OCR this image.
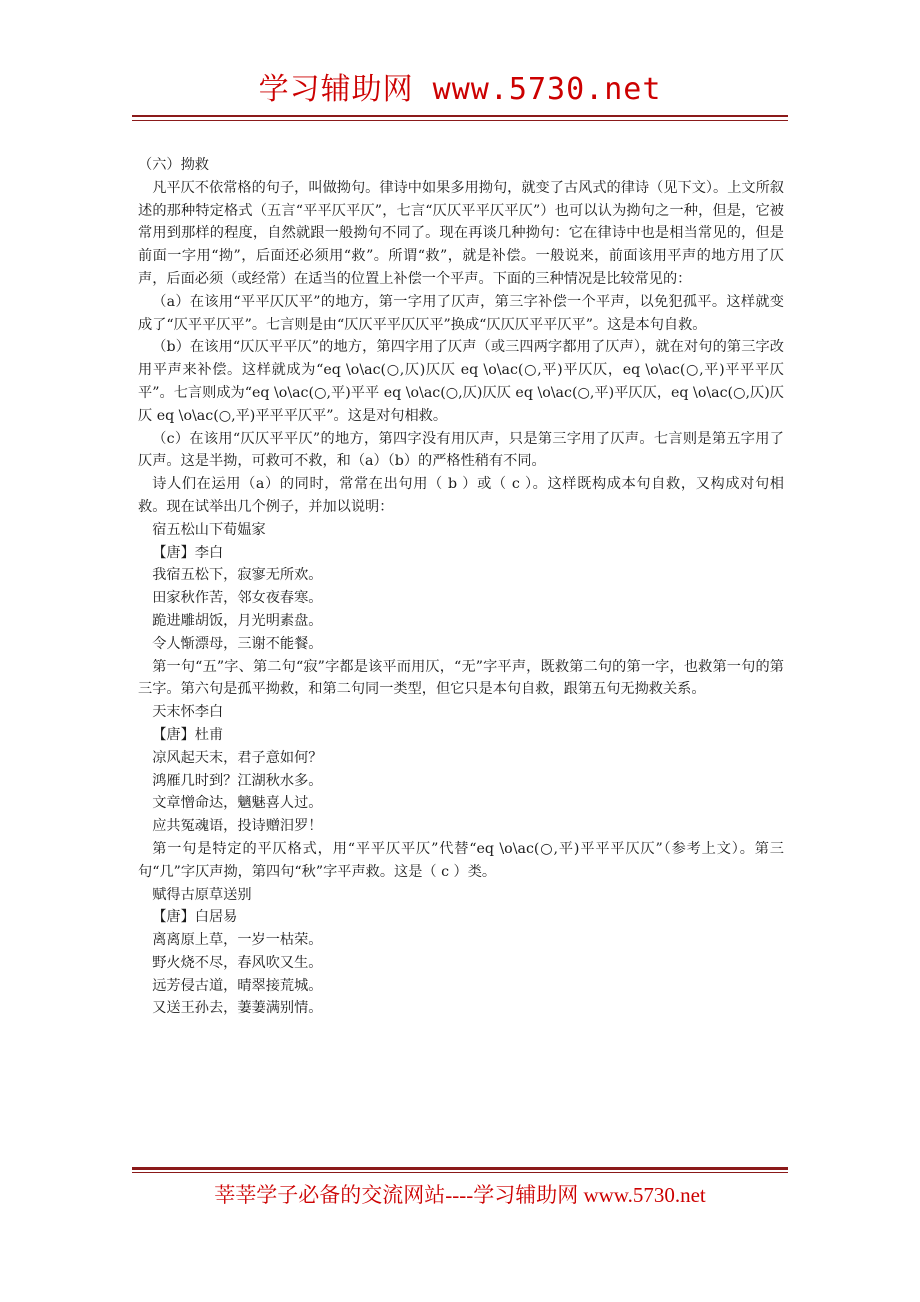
学习辅助网 www.5730.net

（六）拗救

凡平仄不依常格的句子，叫做拗句。律诗中如果多用拗句，就变了古风式的律诗（见下文）。上文所叙述的那种特定格式（五言“平平仄平仄”，七言“仄仄平平仄平仄”）也可以认为拗句之一种，但是，它被常用到那样的程度，自然就跟一般拗句不同了。现在再谈几种拗句：它在律诗中也是相当常见的，但是前面一字用“拗”，后面还必须用“救”。所谓“救”，就是补偿。一般说来，前面该用平声的地方用了仄声，后面必须（或经常）在适当的位置上补偿一个平声。下面的三种情况是比较常见的：

（a）在该用“平平仄仄平”的地方，第一字用了仄声，第三字补偿一个平声，以免犯孤平。这样就变成了“仄平平仄平”。七言则是由“仄仄平平仄仄平”换成“仄仄仄平平仄平”。这是本句自救。

（b）在该用“仄仄平平仄”的地方，第四字用了仄声（或三四两字都用了仄声），就在对句的第三字改用平声来补偿。这样就成为“eq \o\ac(○,仄)仄仄 eq \o\ac(○,平)平仄仄，eq \o\ac(○,平)平平平仄平”。七言则成为“eq \o\ac(○,平)平平 eq \o\ac(○,仄)仄仄 eq \o\ac(○,平)平仄仄，eq \o\ac(○,仄)仄仄 eq \o\ac(○,平)平平平仄平”。这是对句相救。

（c）在该用“仄仄平平仄”的地方，第四字没有用仄声，只是第三字用了仄声。七言则是第五字用了 仄声。这是半拗，可救可不救，和（a）（b）的严格性稍有不同。

诗人们在运用（a）的同时，常常在出句用（ b ）或（ c ）。这样既构成本句自救，又构成对句相救。现在试举出几个例子，并加以说明：

宿五松山下荀媪家

【唐】李白

我宿五松下，寂寥无所欢。

田家秋作苦，邻女夜春寒。

跪进雕胡饭，月光明素盘。

令人惭漂母，三谢不能餐。

第一句“五”字、第二句“寂”字都是该平而用仄，“无”字平声，既救第二句的第一字，也救第一句的第三字。第六句是孤平拗救，和第二句同一类型，但它只是本句自救，跟第五句无拗救关系。

天末怀李白

【唐】杜甫

凉风起天末，君子意如何？

鸿雁几时到？江湖秋水多。

文章憎命达，魑魅喜人过。

应共冤魂语，投诗赠汨罗！

第一句是特定的平仄格式，用“平平仄平仄”代替“eq \o\ac(○,平)平平平仄仄”（参考上文）。第三句“几”字仄声拗，第四句“秋”字平声救。这是（ c ）类。

赋得古原草送别

【唐】白居易

离离原上草，一岁一枯荣。

野火烧不尽，春风吹又生。

远芳侵古道，晴翠接荒城。

又送王孙去，萋萋满别情。

莘莘学子必备的交流网站----学习辅助网 www.5730.net
